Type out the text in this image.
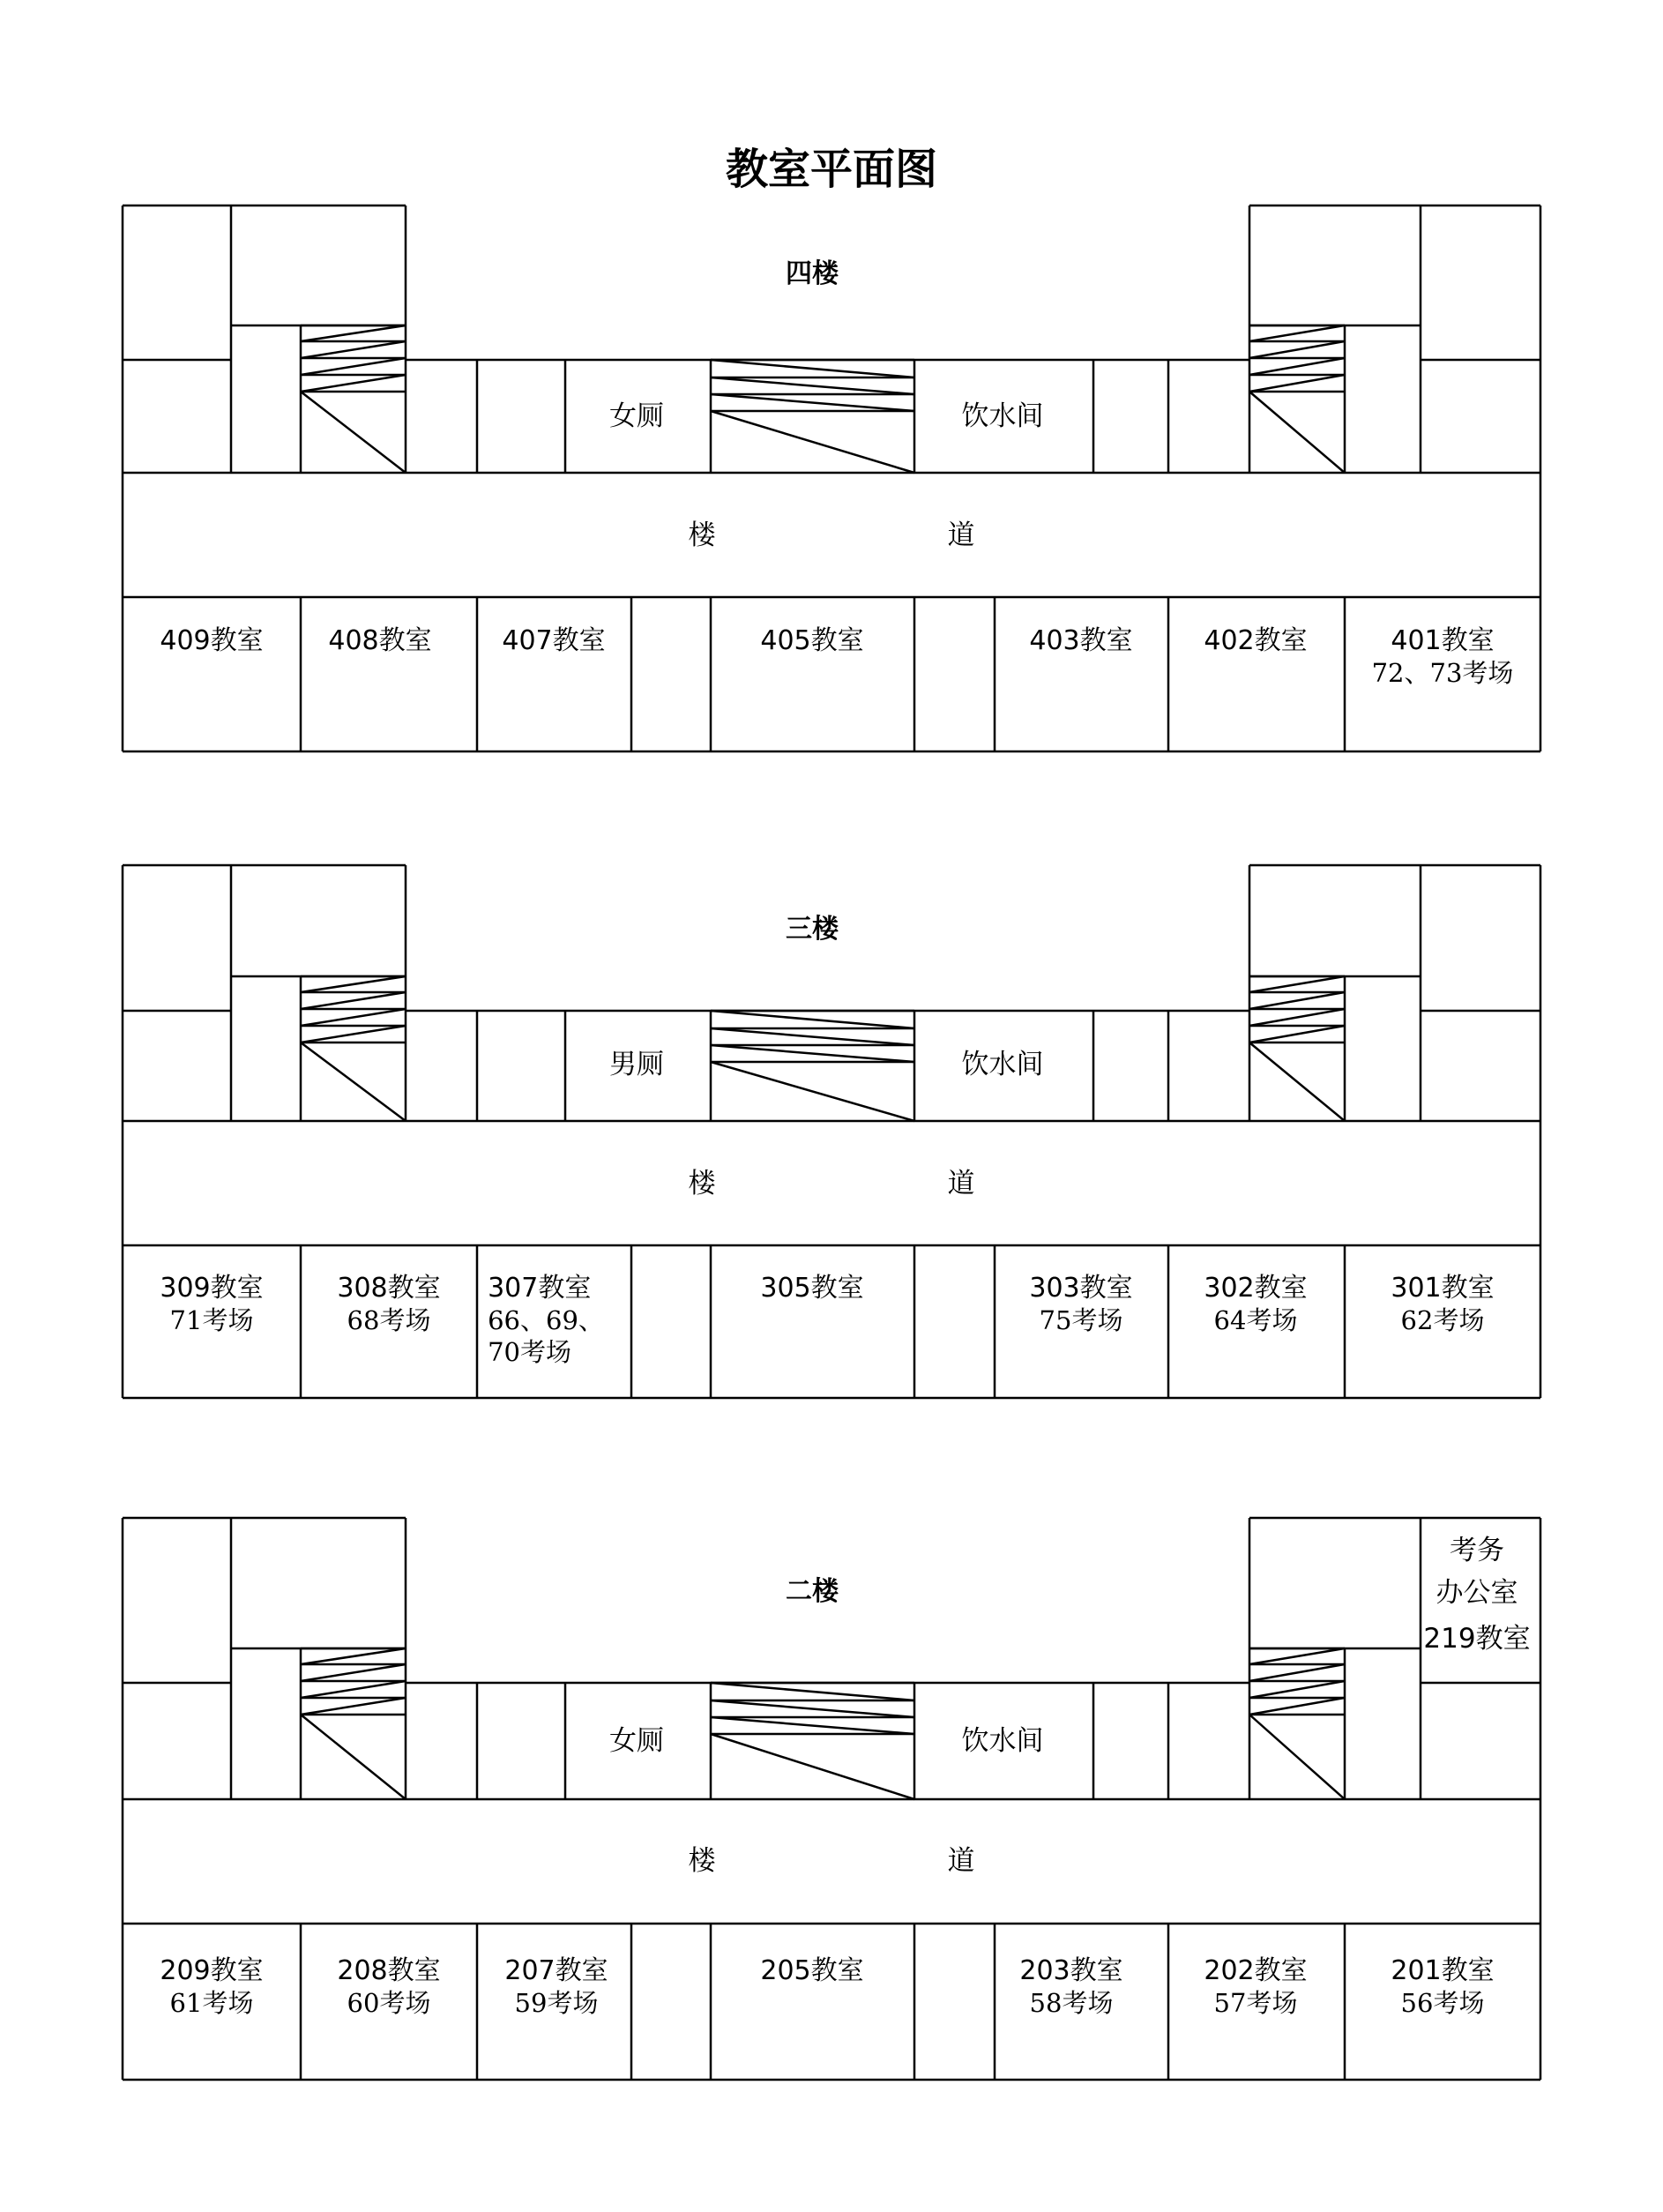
教室平面图
四楼
女厕	饮水间
楼	道
409教室 408教室	407教室	405教室	403教室	402教室	401教室
72、73考场
三楼
男厕	饮水间
楼	道
309教室
71考场
308教室
68考场
307教室
66、69、
70考场
305教室	303教室
75考场
302教室
64考场
301教室
62考场
二楼
女厕	饮水间
楼	道
考务
办公室
219教室
209教室
61考场
208教室
60考场
207教室
59考场
205教室	203教室
58考场
202教室
57考场
201教室
56考场
